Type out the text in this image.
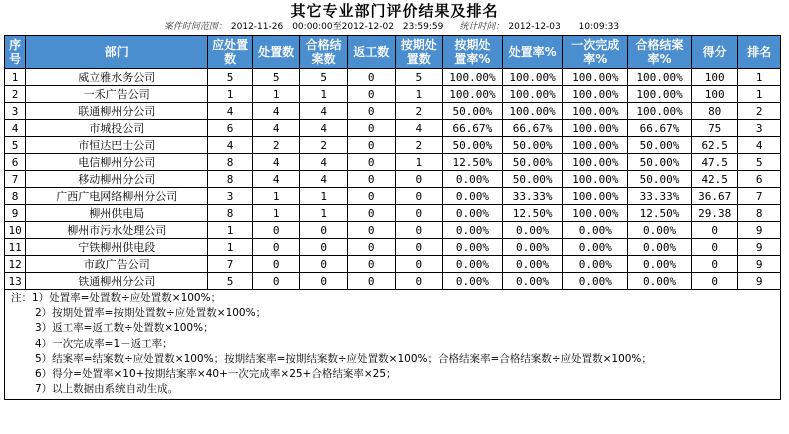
其它专业部门评价结果及排名
案件时间范围： 2012-11-26　00:00:00至2012-12-02　23:59:59 统计时间： 2012-12-03　　10:09:33
序号	部门	应处置数	处置数	合格结案数	返工数	按期处置数	按期处置率%	处置率%	一次完成率%	合格结案率%	得分	排名
1	威立雅水务公司	5	5	5	0	5	100.00%	100.00%	100.00%	100.00%	100	1
2	一禾广告公司	1	1	1	0	1	100.00%	100.00%	100.00%	100.00%	100	1
3	联通柳州分公司	4	4	4	0	2	50.00%	100.00%	100.00%	100.00%	80	2
4	市城投公司	6	4	4	0	4	66.67%	66.67%	100.00%	66.67%	75	3
5	市恒达巴士公司	4	2	2	0	2	50.00%	50.00%	100.00%	50.00%	62.5	4
6	电信柳州分公司	8	4	4	0	1	12.50%	50.00%	100.00%	50.00%	47.5	5
7	移动柳州分公司	8	4	4	0	0	0.00%	50.00%	100.00%	50.00%	42.5	6
8	广西广电网络柳州分公司	3	1	1	0	0	0.00%	33.33%	100.00%	33.33%	36.67	7
9	柳州供电局	8	1	1	0	0	0.00%	12.50%	100.00%	12.50%	29.38	8
10	柳州市污水处理公司	1	0	0	0	0	0.00%	0.00%	0.00%	0.00%	0	9
11	宁铁柳州供电段	1	0	0	0	0	0.00%	0.00%	0.00%	0.00%	0	9
12	市政广告公司	7	0	0	0	0	0.00%	0.00%	0.00%	0.00%	0	9
13	铁通柳州分公司	5	0	0	0	0	0.00%	0.00%	0.00%	0.00%	0	9
注：1）处置率=处置数÷应处置数×100%；
2）按期处置率=按期处置数÷应处置数×100%；
3）返工率=返工数÷处置数×100%；
4）一次完成率=1－返工率；
5）结案率=结案数÷应处置数×100%；按期结案率=按期结案数÷应处置数×100%；合格结案率=合格结案数÷应处置数×100%；
6）得分=处置率×10+按期结案率×40+一次完成率×25+合格结案率×25；
7）以上数据由系统自动生成。
